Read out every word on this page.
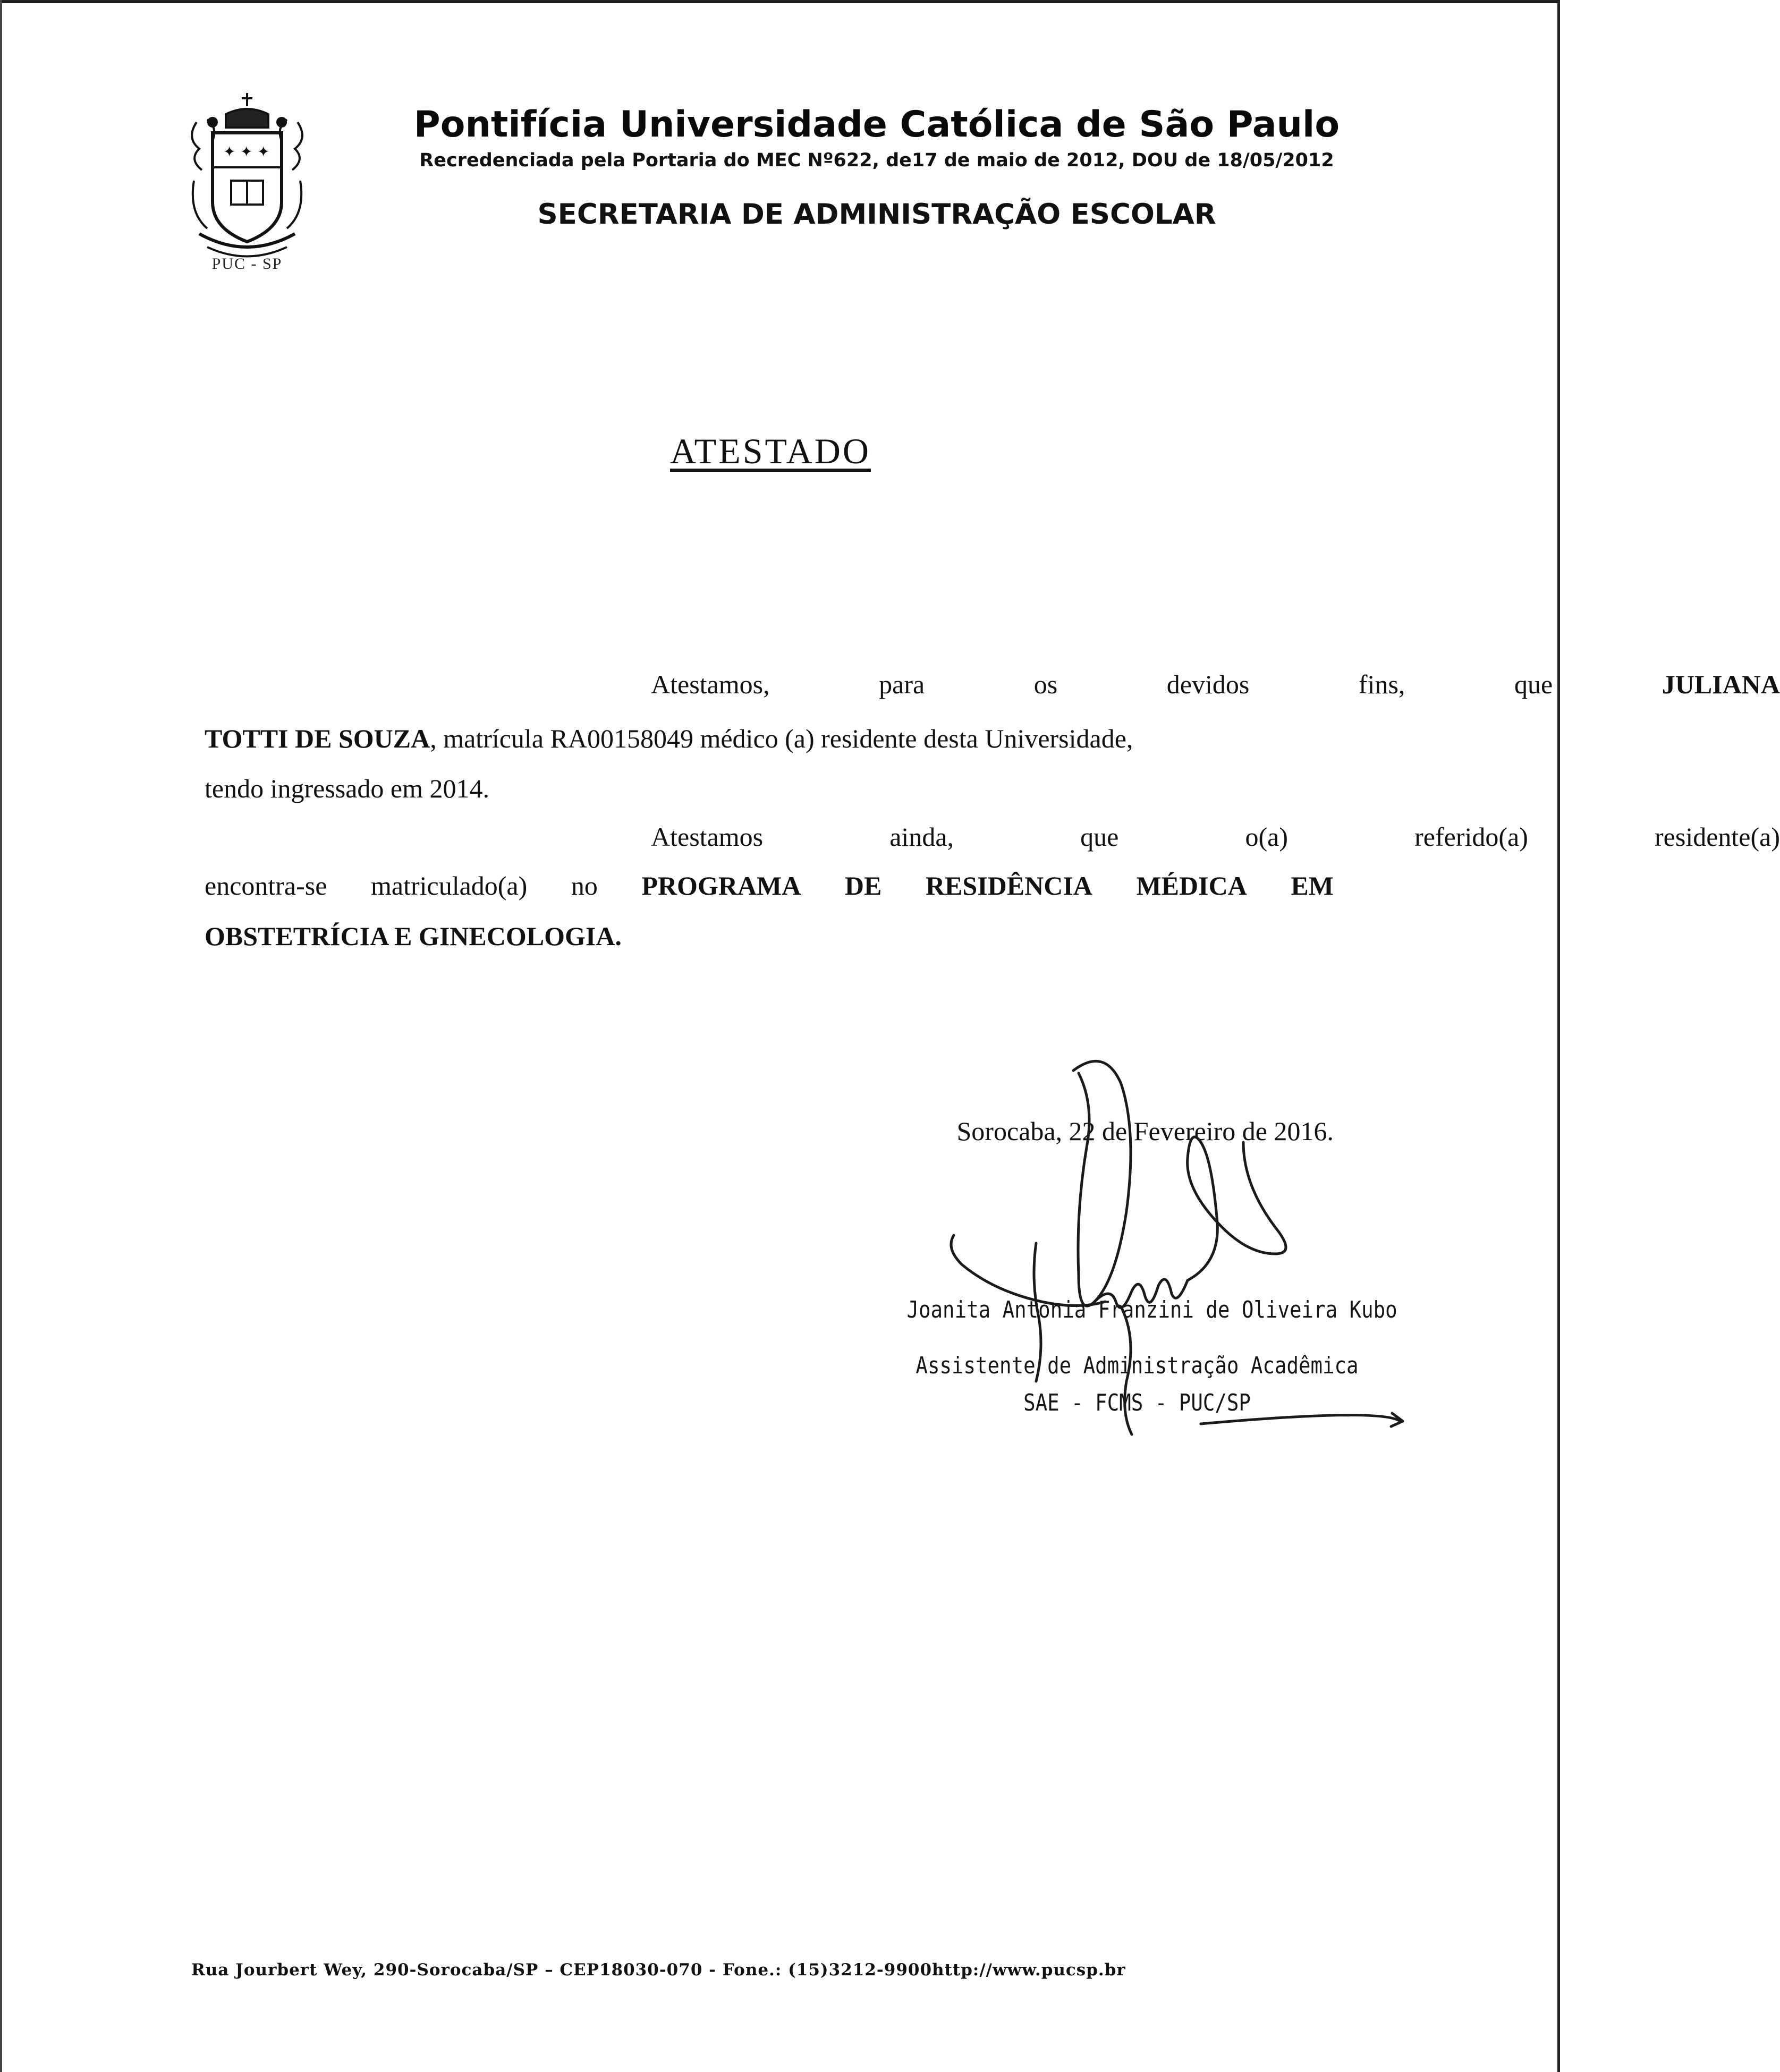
✦ ✦ ✦
PUC - SP
Pontifícia Universidade Católica de São Paulo
Recredenciada pela Portaria do MEC Nº622, de17 de maio de 2012, DOU de 18/05/2012
SECRETARIA DE ADMINISTRAÇÃO ESCOLAR
ATESTADO
Atestamos,	para	os	devidos	fins,	que	JULIANA
TOTTI DE SOUZA, matrícula RA00158049 médico (a) residente desta Universidade,
tendo ingressado em 2014.
Atestamos	ainda,	que	o(a)	referido(a)	residente(a)
encontra-se matriculado(a) no PROGRAMA DE RESIDÊNCIA MÉDICA EM
OBSTETRÍCIA E GINECOLOGIA.
Sorocaba, 22 de Fevereiro de 2016.
Joanita Antonia Franzini de Oliveira Kubo
Assistente de Administração Acadêmica
SAE - FCMS - PUC/SP
Rua Jourbert Wey, 290-Sorocaba/SP – CEP18030-070 - Fone.: (15)3212-9900http://www.pucsp.br
